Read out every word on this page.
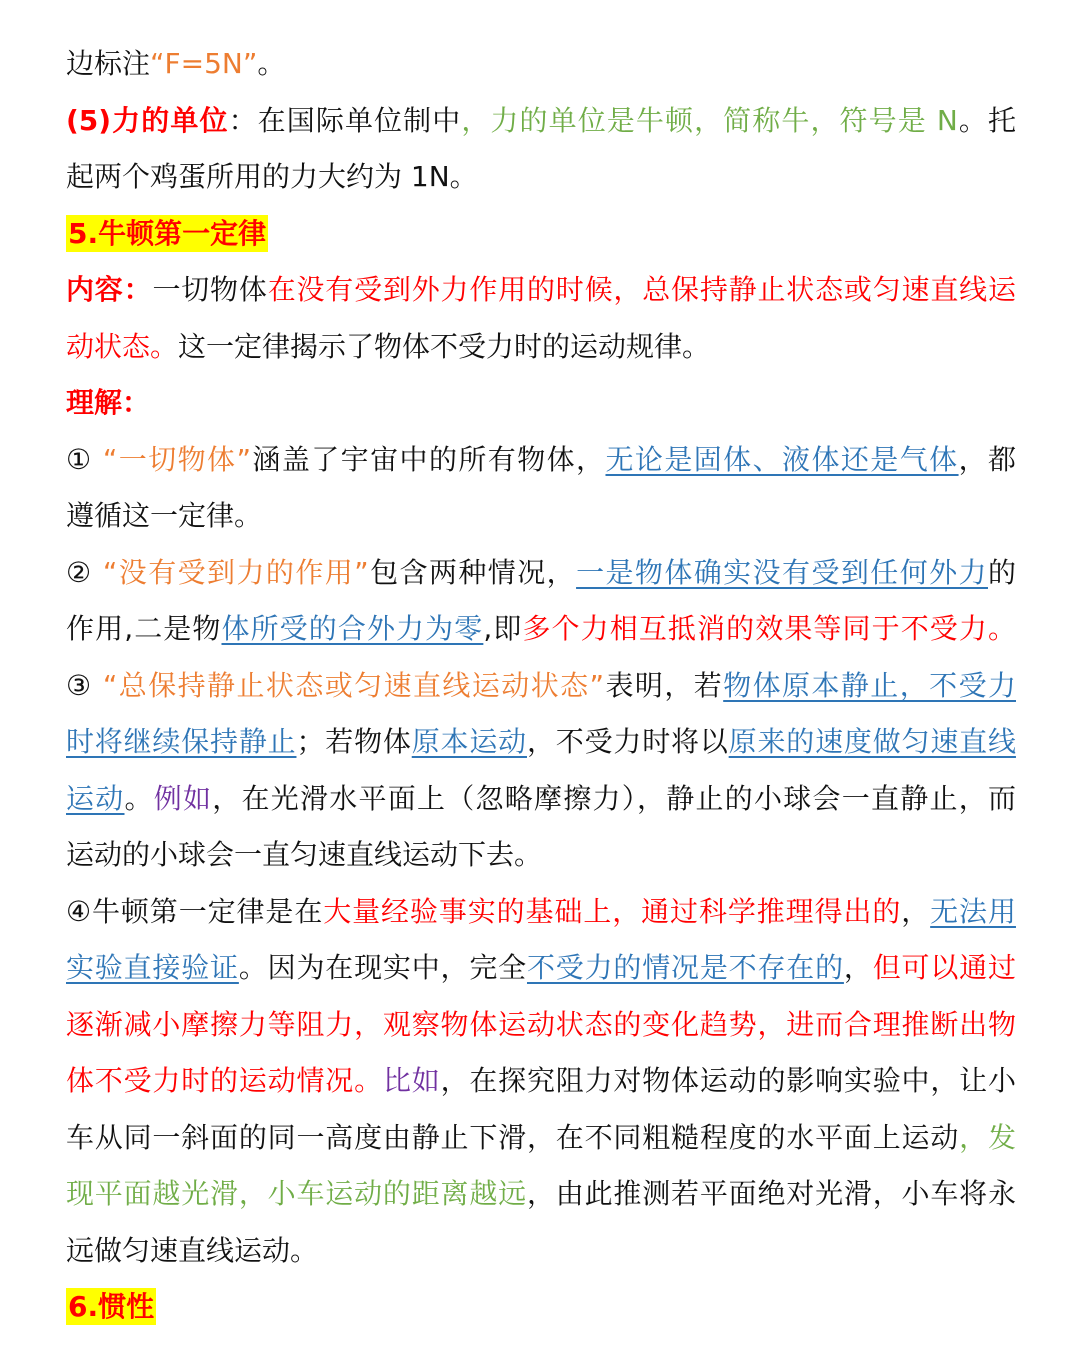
边标注“F=5N”。
(5)力的单位：在国际单位制中，力的单位是牛顿，简称牛，符号是 N。托
起两个鸡蛋所用的力大约为 1N。
5.牛顿第一定律
内容：一切物体在没有受到外力作用的时候，总保持静止状态或匀速直线运
动状态。这一定律揭示了物体不受力时的运动规律。
理解：
① “一切物体”涵盖了宇宙中的所有物体，无论是固体、液体还是气体，都
遵循这一定律。
② “没有受到力的作用”包含两种情况，一是物体确实没有受到任何外力的
作用,二是物体所受的合外力为零,即多个力相互抵消的效果等同于不受力。
③ “总保持静止状态或匀速直线运动状态”表明，若物体原本静止，不受力
时将继续保持静止；若物体原本运动，不受力时将以原来的速度做匀速直线
运动。例如，在光滑水平面上（忽略摩擦力），静止的小球会一直静止，而
运动的小球会一直匀速直线运动下去。
④牛顿第一定律是在大量经验事实的基础上，通过科学推理得出的，无法用
实验直接验证。因为在现实中，完全不受力的情况是不存在的，但可以通过
逐渐减小摩擦力等阻力，观察物体运动状态的变化趋势，进而合理推断出物
体不受力时的运动情况。比如，在探究阻力对物体运动的影响实验中，让小
车从同一斜面的同一高度由静止下滑，在不同粗糙程度的水平面上运动，发
现平面越光滑，小车运动的距离越远，由此推测若平面绝对光滑，小车将永
远做匀速直线运动。
6.惯性
